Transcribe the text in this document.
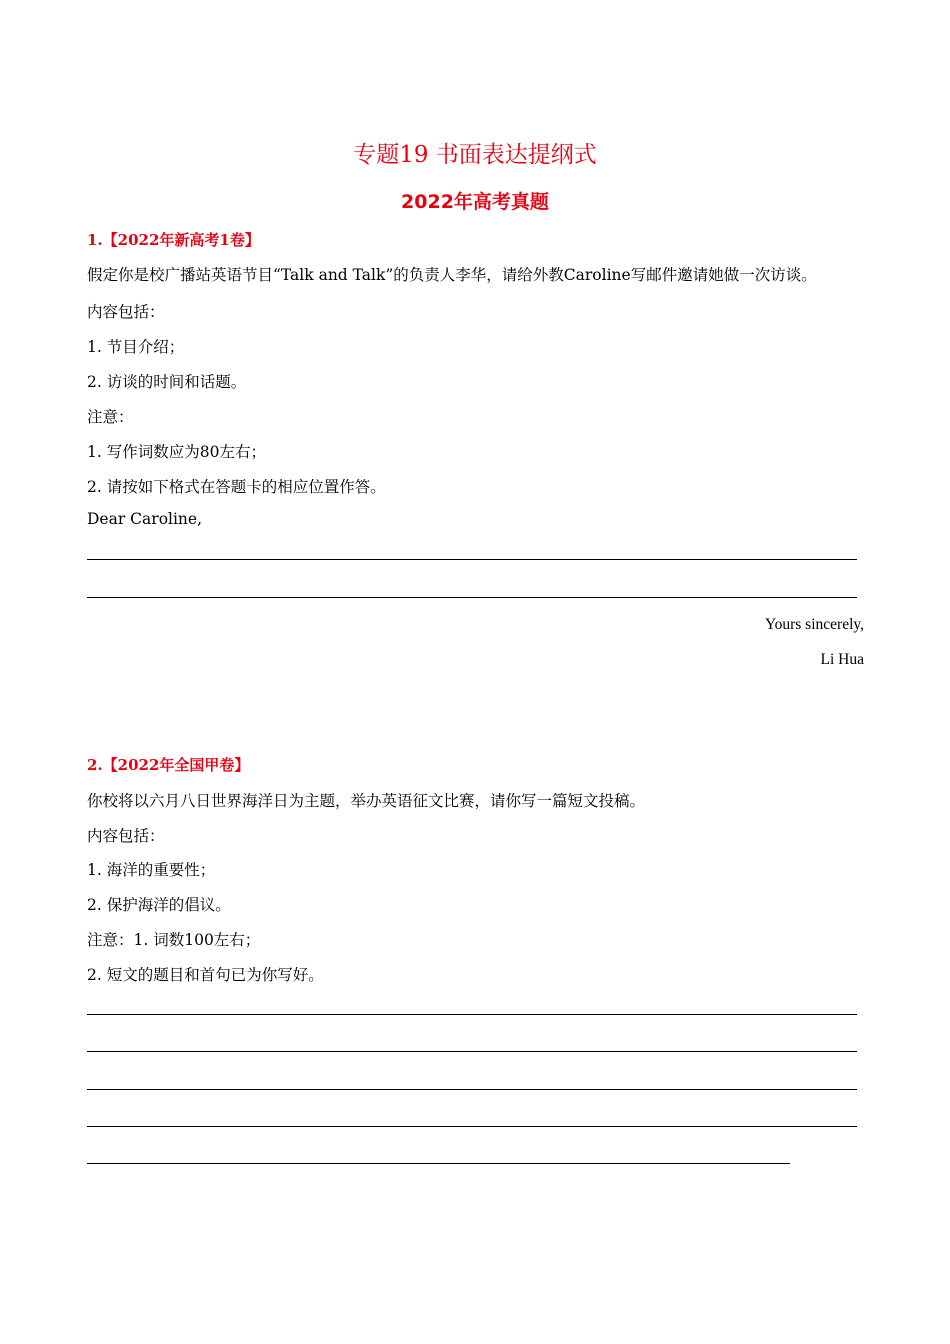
专题19 书面表达提纲式
2022年高考真题
1.【2022年新高考1卷】
假定你是校广播站英语节目“Talk and Talk”的负责人李华，请给外教Caroline写邮件邀请她做一次访谈。
内容包括：
1. 节目介绍；
2. 访谈的时间和话题。
注意：
1. 写作词数应为80左右；
2. 请按如下格式在答题卡的相应位置作答。
Dear Caroline,
Yours sincerely,
Li Hua
2.【2022年全国甲卷】
你校将以六月八日世界海洋日为主题，举办英语征文比赛，请你写一篇短文投稿。
内容包括：
1. 海洋的重要性；
2. 保护海洋的倡议。
注意：1. 词数100左右；
2. 短文的题目和首句已为你写好。
